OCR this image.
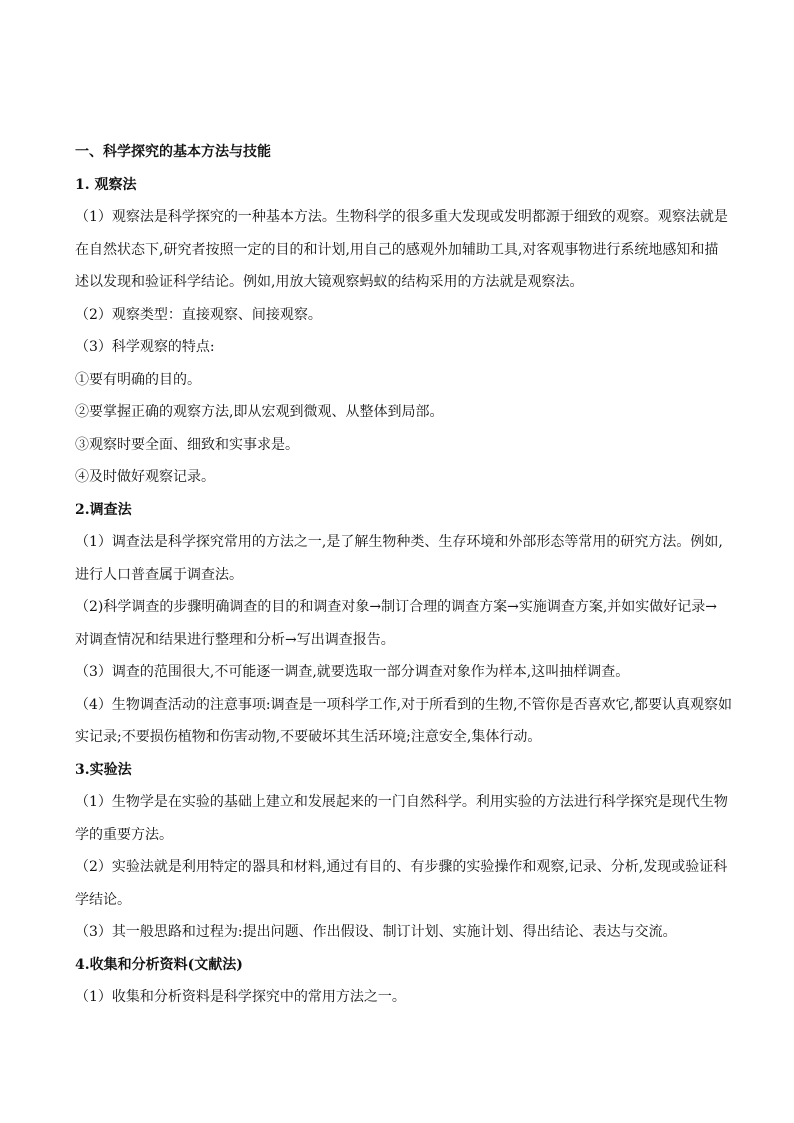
一、科学探究的基本方法与技能

1. 观察法

（1）观察法是科学探究的一种基本方法。生物科学的很多重大发现或发明都源于细致的观察。观察法就是

在自然状态下,研究者按照一定的目的和计划,用自己的感观外加辅助工具,对客观事物进行系统地感知和描

述以发现和验证科学结论。例如,用放大镜观察蚂蚁的结构采用的方法就是观察法。

（2）观察类型：直接观察、间接观察。

（3）科学观察的特点:

①要有明确的目的。

②要掌握正确的观察方法,即从宏观到微观、从整体到局部。

③观察时要全面、细致和实事求是。

④及时做好观察记录。

2.调查法

（1）调查法是科学探究常用的方法之一,是了解生物种类、生存环境和外部形态等常用的研究方法。例如,

进行人口普查属于调查法。

（2)科学调查的步骤明确调查的目的和调查对象→制订合理的调查方案→实施调查方案,并如实做好记录→

对调查情况和结果进行整理和分析→写出调查报告。

（3）调查的范围很大,不可能逐一调查,就要选取一部分调查对象作为样本,这叫抽样调查。

（4）生物调查活动的注意事项:调查是一项科学工作,对于所看到的生物,不管你是否喜欢它,都要认真观察如

实记录;不要损伤植物和伤害动物,不要破坏其生活环境;注意安全,集体行动。

3.实验法

（1）生物学是在实验的基础上建立和发展起来的一门自然科学。利用实验的方法进行科学探究是现代生物

学的重要方法。

（2）实验法就是利用特定的器具和材料,通过有目的、有步骤的实验操作和观察,记录、分析,发现或验证科

学结论。

（3）其一般思路和过程为:提出问题、作出假设、制订计划、实施计划、得出结论、表达与交流。

4.收集和分析资料(文献法)

（1）收集和分析资料是科学探究中的常用方法之一。
